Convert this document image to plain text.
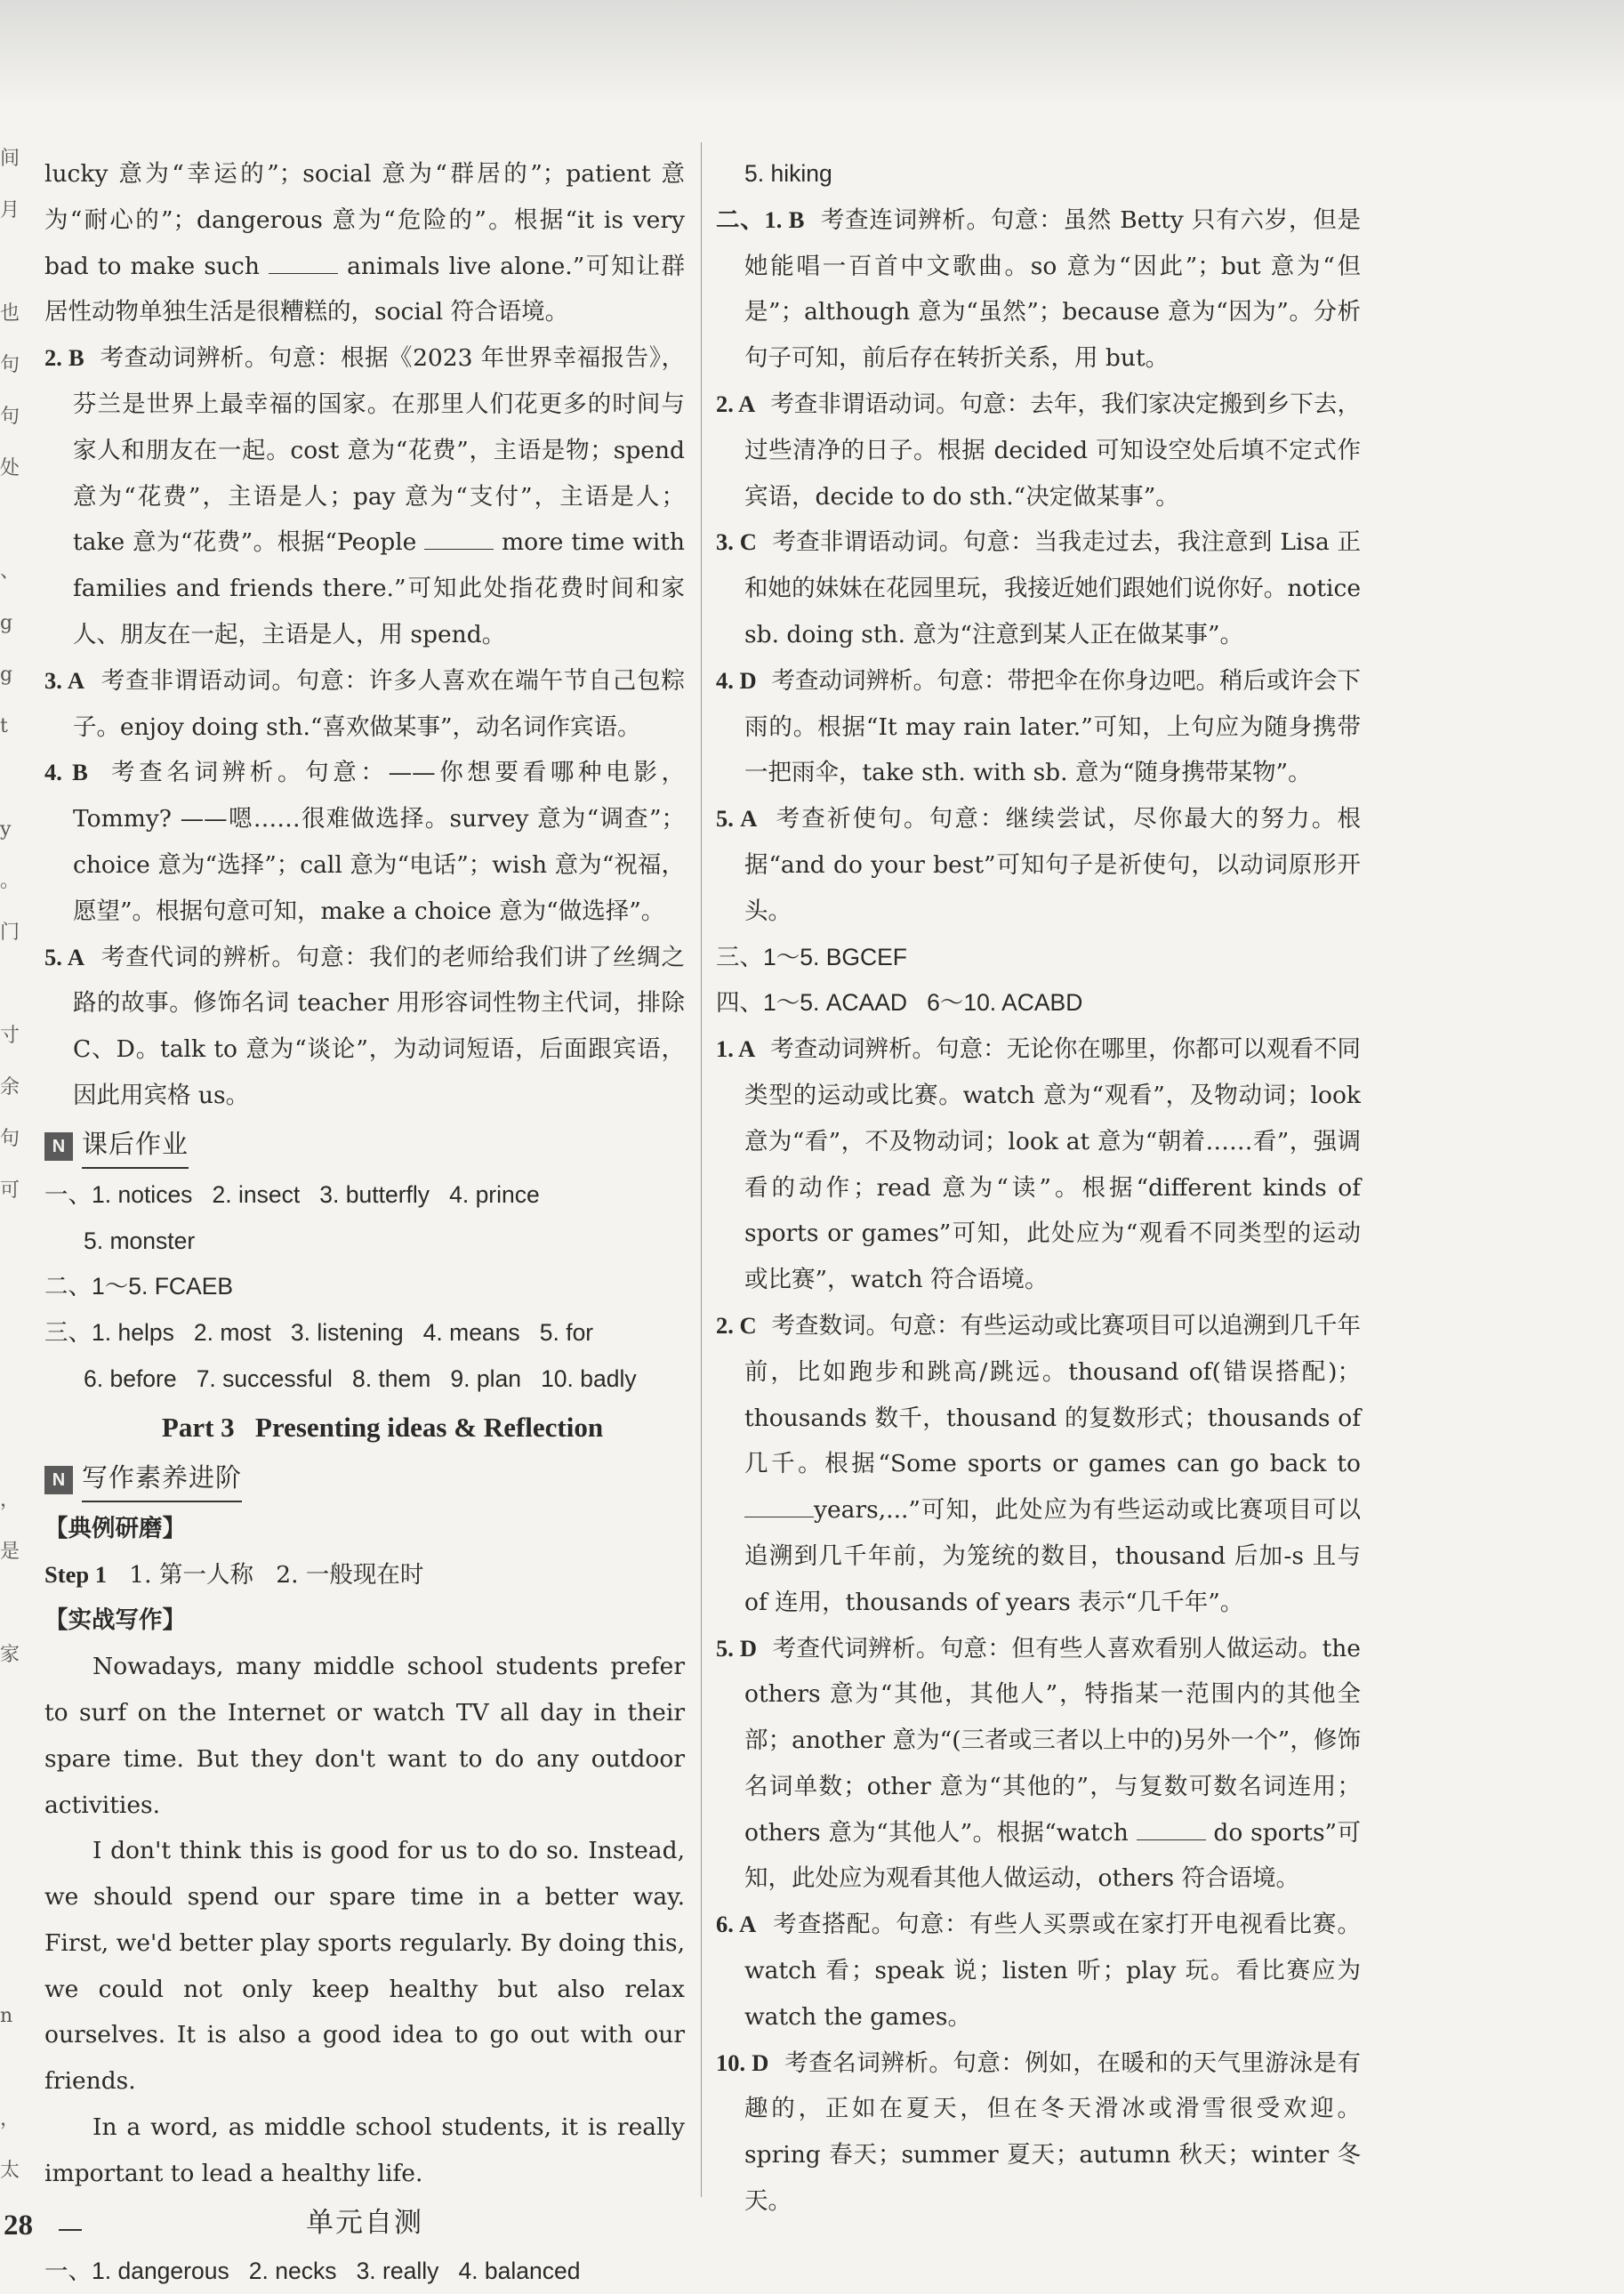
间
月
也
句
句
处
、
g
g
t
y
。
门
寸
余
句
可
，
是
家
n
，
太

lucky 意为“幸运的”；social 意为“群居的”；patient 意为“耐心的”；dangerous 意为“危险的”。根据“it is very bad to make such	animals live alone.”可知让群居性动物单独生活是很糟糕的，social 符合语境。

2. B 考查动词辨析。句意：根据《2023 年世界幸福报告》，芬兰是世界上最幸福的国家。在那里人们花更多的时间与家人和朋友在一起。cost 意为“花费”，主语是物；spend 意为“花费”，主语是人；pay 意为“支付”，主语是人；take 意为“花费”。根据“People	more time with families and friends there.”可知此处指花费时间和家人、朋友在一起，主语是人，用 spend。

3. A 考查非谓语动词。句意：许多人喜欢在端午节自己包粽子。enjoy doing sth.“喜欢做某事”，动名词作宾语。

4. B 考查名词辨析。句意：——你想要看哪种电影，Tommy? ——嗯……很难做选择。survey 意为“调查”；choice 意为“选择”；call 意为“电话”；wish 意为“祝福，愿望”。根据句意可知，make a choice 意为“做选择”。

5. A 考查代词的辨析。句意：我们的老师给我们讲了丝绸之路的故事。修饰名词 teacher 用形容词性物主代词，排除 C、D。talk to 意为“谈论”，为动词短语，后面跟宾语，因此用宾格 us。

N 课后作业

一、1. notices   2. insect   3. butterfly   4. prince

5. monster

二、1～5. FCAEB

三、1. helps   2. most   3. listening   4. means   5. for

6. before   7. successful   8. them   9. plan   10. badly

Part 3   Presenting ideas & Reflection
N 写作素养进阶

【典例研磨】

Step 1 1. 第一人称   2. 一般现在时

【实战写作】

Nowadays, many middle school students prefer to surf on the Internet or watch TV all day in their spare time. But they don't want to do any outdoor activities.

I don't think this is good for us to do so. Instead, we should spend our spare time in a better way. First, we'd better play sports regularly. By doing this, we could not only keep healthy but also relax ourselves. It is also a good idea to go out with our friends.

In a word, as middle school students, it is really important to lead a healthy life.

单元自测

一、1. dangerous   2. necks   3. really   4. balanced

5. hiking

二、1. B 考查连词辨析。句意：虽然 Betty 只有六岁，但是她能唱一百首中文歌曲。so 意为“因此”；but 意为“但是”；although 意为“虽然”；because 意为“因为”。分析句子可知，前后存在转折关系，用 but。

2. A 考查非谓语动词。句意：去年，我们家决定搬到乡下去，过些清净的日子。根据 decided 可知设空处后填不定式作宾语，decide to do sth.“决定做某事”。

3. C 考查非谓语动词。句意：当我走过去，我注意到 Lisa 正和她的妹妹在花园里玩，我接近她们跟她们说你好。notice sb. doing sth. 意为“注意到某人正在做某事”。

4. D 考查动词辨析。句意：带把伞在你身边吧。稍后或许会下雨的。根据“It may rain later.”可知，上句应为随身携带一把雨伞，take sth. with sb. 意为“随身携带某物”。

5. A 考查祈使句。句意：继续尝试，尽你最大的努力。根据“and do your best”可知句子是祈使句，以动词原形开头。

三、1～5. BGCEF

四、1～5. ACAAD   6～10. ACABD

1. A 考查动词辨析。句意：无论你在哪里，你都可以观看不同类型的运动或比赛。watch 意为“观看”，及物动词；look 意为“看”，不及物动词；look at 意为“朝着……看”，强调看的动作；read 意为“读”。根据“different kinds of sports or games”可知，此处应为“观看不同类型的运动或比赛”，watch 符合语境。

2. C 考查数词。句意：有些运动或比赛项目可以追溯到几千年前，比如跑步和跳高/跳远。thousand of(错误搭配)；thousands 数千，thousand 的复数形式；thousands of 几千。根据“Some sports or games can go back to years,...”可知，此处应为有些运动或比赛项目可以追溯到几千年前，为笼统的数目，thousand 后加-s 且与 of 连用，thousands of years 表示“几千年”。

5. D 考查代词辨析。句意：但有些人喜欢看别人做运动。the others 意为“其他，其他人”，特指某一范围内的其他全部；another 意为“(三者或三者以上中的)另外一个”，修饰名词单数；other 意为“其他的”，与复数可数名词连用；others 意为“其他人”。根据“watch	do sports”可知，此处应为观看其他人做运动，others 符合语境。

6. A 考查搭配。句意：有些人买票或在家打开电视看比赛。watch 看；speak 说；listen 听；play 玩。看比赛应为 watch the games。

10. D 考查名词辨析。句意：例如，在暖和的天气里游泳是有趣的，正如在夏天，但在冬天滑冰或滑雪很受欢迎。spring 春天；summer 夏天；autumn 秋天；winter 冬天。

28
